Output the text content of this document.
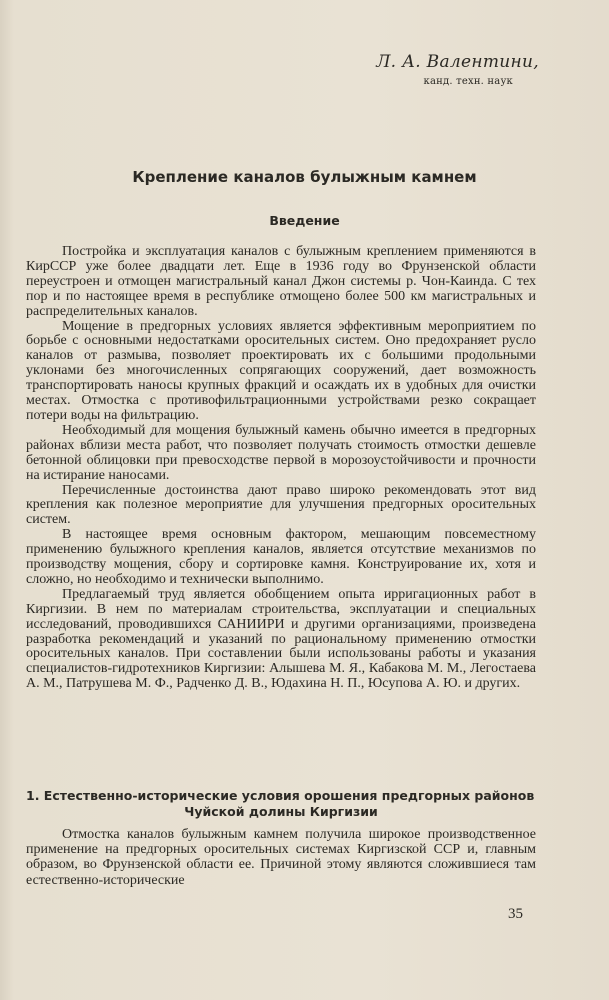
Л. А. Валентини,
канд. техн. наук
Крепление каналов булыжным камнем
Введение

Постройка и эксплуатация каналов с булыжным креплением применяются в КирССР уже более двадцати лет. Еще в 1936 году во Фрунзенской области переустроен и отмощен магистральный канал Джон системы р. Чон-Каинда. С тех пор и по настоящее время в республике отмощено более 500 км магистральных и распределительных каналов.

Мощение в предгорных условиях является эффективным мероприятием по борьбе с основными недостатками оросительных систем. Оно предохраняет русло каналов от размыва, позволяет проектировать их с большими продольными уклонами без многочисленных сопрягающих сооружений, дает возможность транспортировать наносы крупных фракций и осаждать их в удобных для очистки местах. Отмостка с противофильтрационными устройствами резко сокращает потери воды на фильтрацию.

Необходимый для мощения булыжный камень обычно имеется в предгорных районах вблизи места работ, что позволяет получать стоимость отмостки дешевле бетонной облицовки при превосходстве первой в морозоустойчивости и прочности на истирание наносами.

Перечисленные достоинства дают право широко рекомендовать этот вид крепления как полезное мероприятие для улучшения предгорных оросительных систем.

В настоящее время основным фактором, мешающим повсеместному применению булыжного крепления каналов, является отсутствие механизмов по производству мощения, сбору и сортировке камня. Конструирование их, хотя и сложно, но необходимо и технически выполнимо.

Предлагаемый труд является обобщением опыта ирригационных работ в Киргизии. В нем по материалам строительства, эксплуатации и специальных исследований, проводившихся САНИИРИ и другими организациями, произведена разработка рекомендаций и указаний по рациональному применению отмостки оросительных каналов. При составлении были использованы работы и указания специалистов-гидротехников Киргизии: Алышева М. Я., Кабакова М. М., Легостаева А. М., Патрушева М. Ф., Радченко Д. В., Юдахина Н. П., Юсупова А. Ю. и других.

1. Естественно-исторические условия орошения предгорных районов
Чуйской долины Киргизии

Отмостка каналов булыжным камнем получила широкое производственное применение на предгорных оросительных системах Киргизской ССР и, главным образом, во Фрунзенской области ее. Причиной этому являются сложившиеся там естественно-исторические

35
